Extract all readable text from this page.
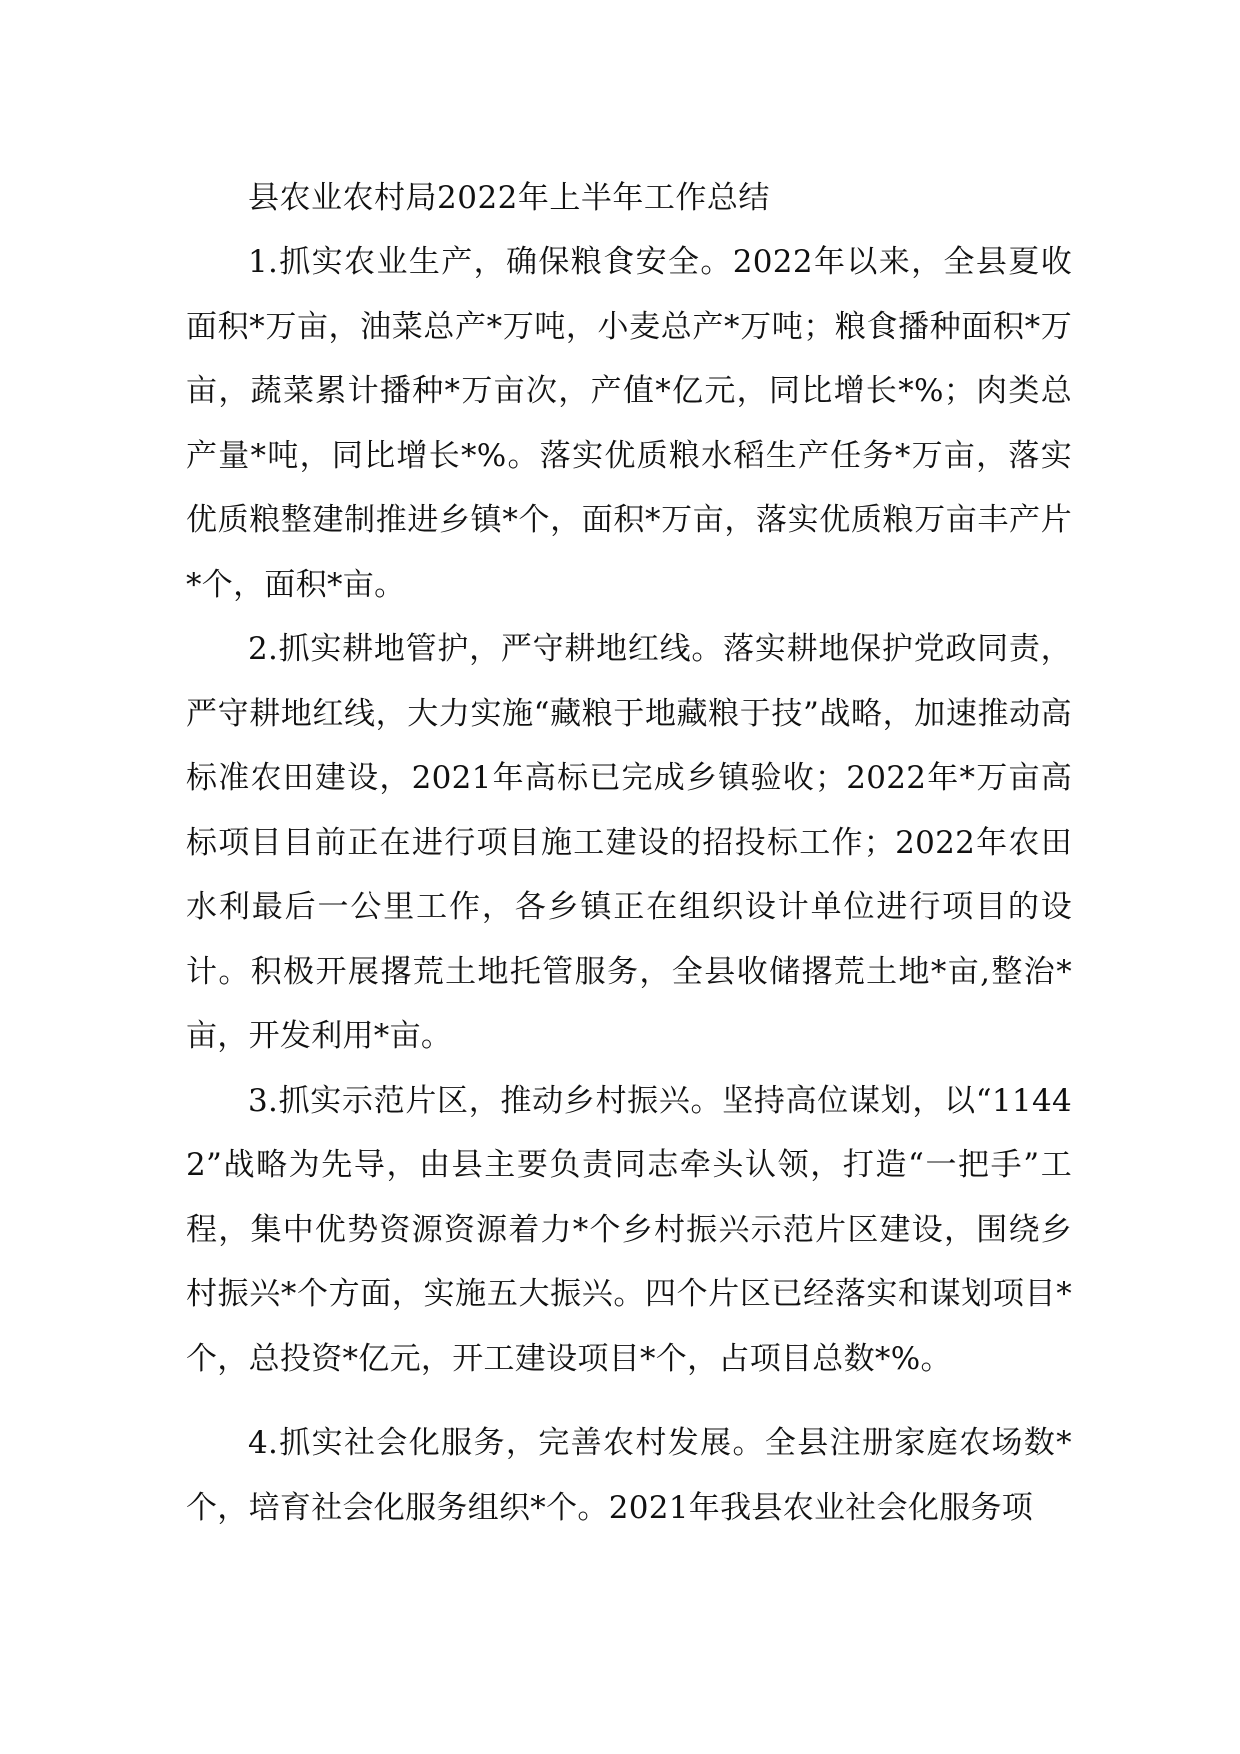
县农业农村局2022年上半年工作总结

1.抓实农业生产，确保粮食安全。2022年以来，全县夏收面积*万亩，油菜总产*万吨，小麦总产*万吨；粮食播种面积*万亩，蔬菜累计播种*万亩次，产值*亿元，同比增长*%；肉类总产量*吨，同比增长*%。落实优质粮水稻生产任务*万亩，落实优质粮整建制推进乡镇*个，面积*万亩，落实优质粮万亩丰产片*个，面积*亩。

2.抓实耕地管护，严守耕地红线。落实耕地保护党政同责，严守耕地红线，大力实施“藏粮于地藏粮于技”战略，加速推动高标准农田建设，2021年高标已完成乡镇验收；2022年*万亩高标项目目前正在进行项目施工建设的招投标工作；2022年农田水利最后一公里工作，各乡镇正在组织设计单位进行项目的设计。积极开展撂荒土地托管服务，全县收储撂荒土地*亩,整治*亩，开发利用*亩。

3.抓实示范片区，推动乡村振兴。坚持高位谋划，以“11442”战略为先导，由县主要负责同志牵头认领，打造“一把手”工程，集中优势资源资源着力*个乡村振兴示范片区建设，围绕乡村振兴*个方面，实施五大振兴。四个片区已经落实和谋划项目*个，总投资*亿元，开工建设项目*个，占项目总数*%。

4.抓实社会化服务，完善农村发展。全县注册家庭农场数*个，培育社会化服务组织*个。2021年我县农业社会化服务项
